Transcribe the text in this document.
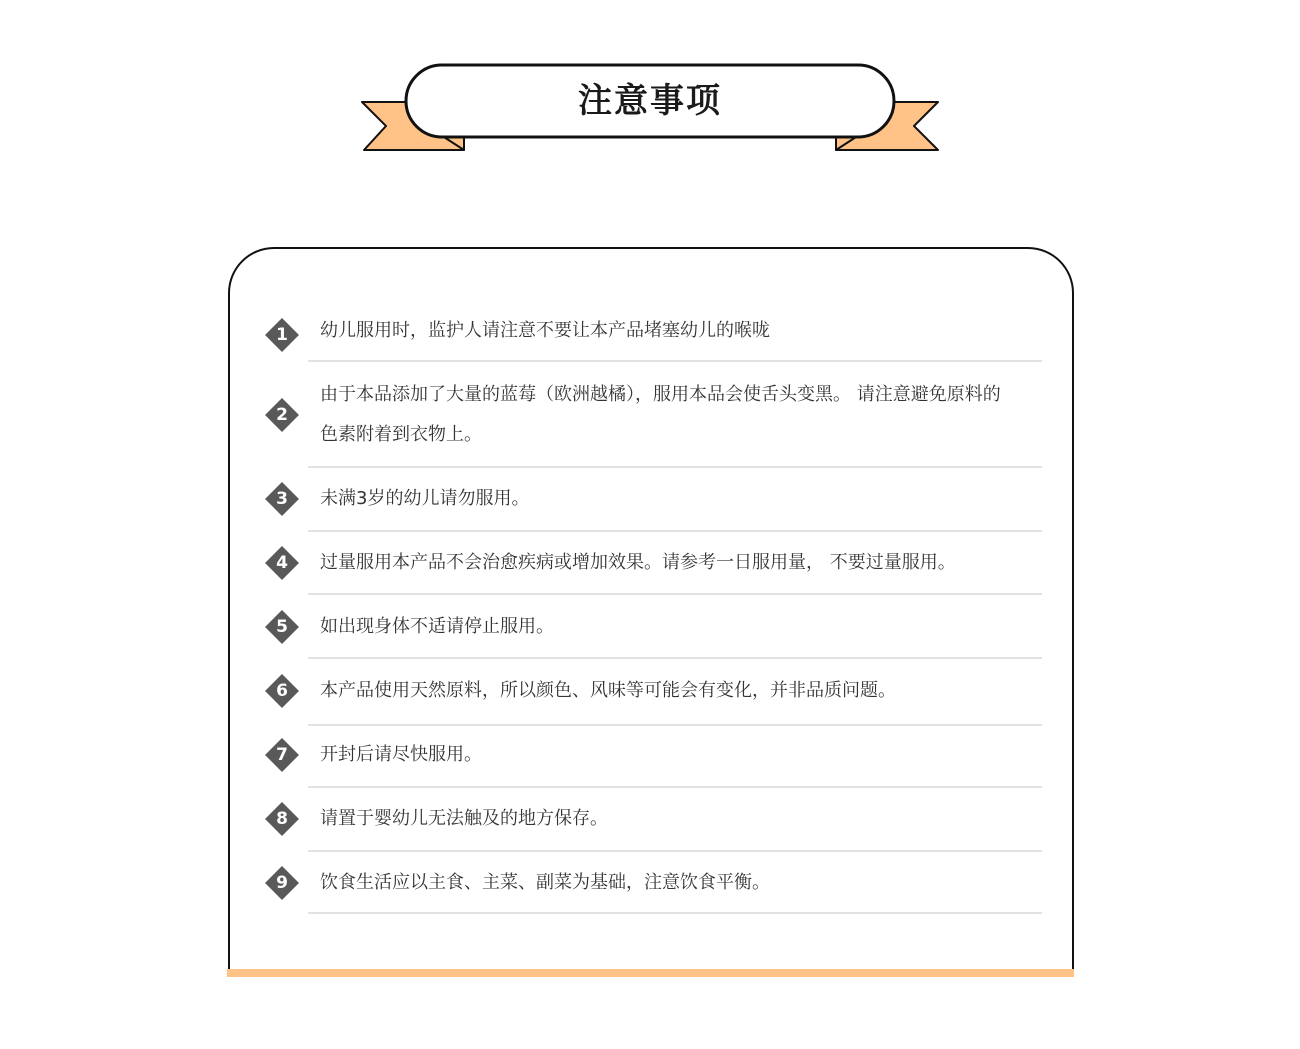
注意事项
1	幼儿服用时，监护人请注意不要让本产品堵塞幼儿的喉咙
2
由于本品添加了大量的蓝莓（欧洲越橘），服用本品会使舌头变黑。 请注意避免原料的
色素附着到衣物上。
3	未满3岁的幼儿请勿服用。
4	过量服用本产品不会治愈疾病或增加效果。请参考一日服用量， 不要过量服用。
5	如出现身体不适请停止服用。
6	本产品使用天然原料，所以颜色、风味等可能会有变化，并非品质问题。
7	开封后请尽快服用。
8	请置于婴幼儿无法触及的地方保存。
9	饮食生活应以主食、主菜、副菜为基础，注意饮食平衡。
